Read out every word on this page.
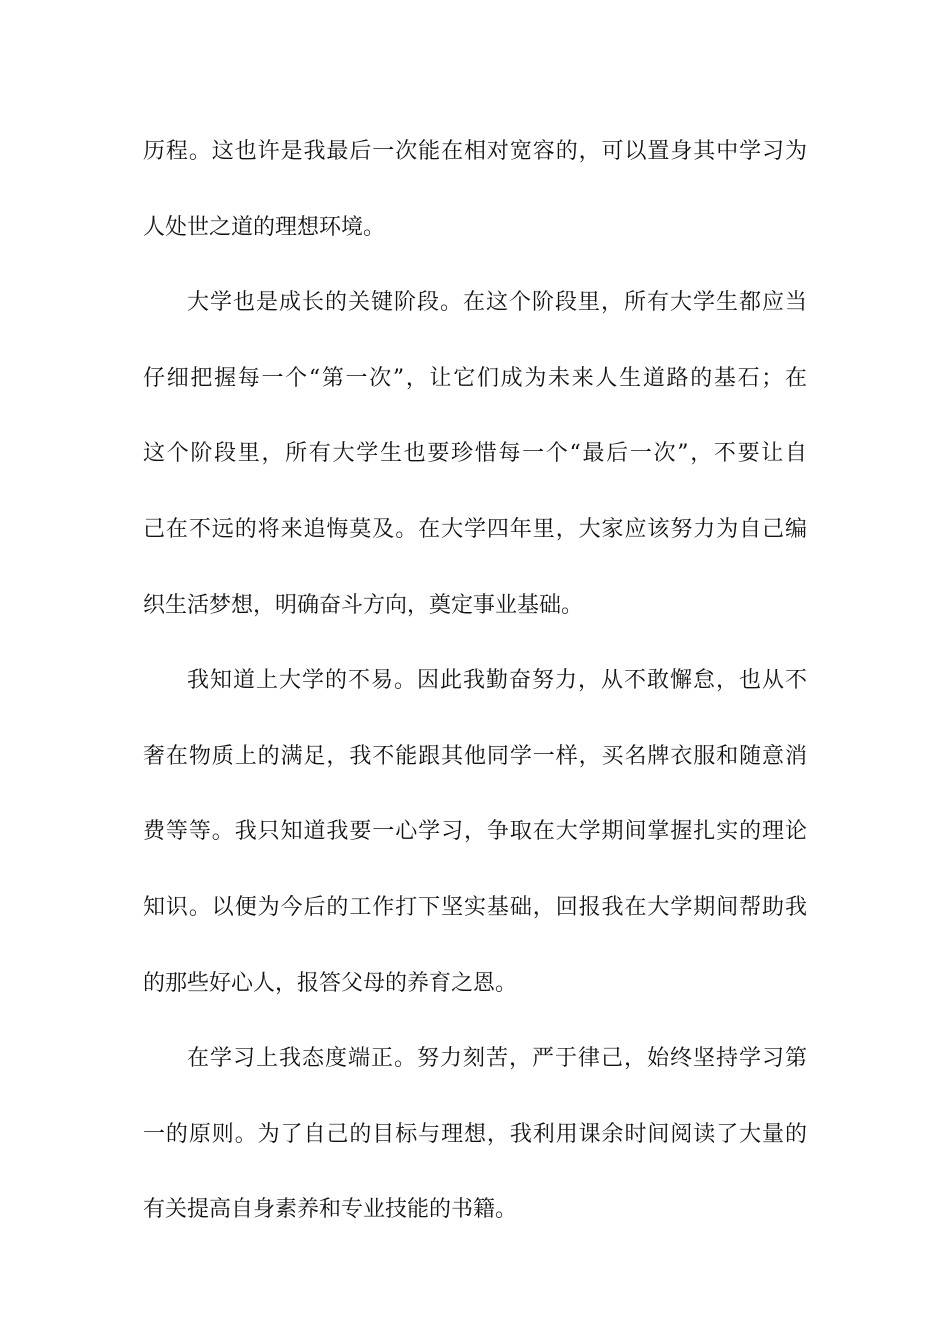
历程。这也许是我最后一次能在相对宽容的，可以置身其中学习为
人处世之道的理想环境。
大学也是成长的关键阶段。在这个阶段里，所有大学生都应当
仔细把握每一个“第一次”，让它们成为未来人生道路的基石；在
这个阶段里，所有大学生也要珍惜每一个“最后一次”，不要让自
己在不远的将来追悔莫及。在大学四年里，大家应该努力为自己编
织生活梦想，明确奋斗方向，奠定事业基础。
我知道上大学的不易。因此我勤奋努力，从不敢懈怠，也从不
奢在物质上的满足，我不能跟其他同学一样，买名牌衣服和随意消
费等等。我只知道我要一心学习，争取在大学期间掌握扎实的理论
知识。以便为今后的工作打下坚实基础，回报我在大学期间帮助我
的那些好心人，报答父母的养育之恩。
在学习上我态度端正。努力刻苦，严于律己，始终坚持学习第
一的原则。为了自己的目标与理想，我利用课余时间阅读了大量的
有关提高自身素养和专业技能的书籍。
